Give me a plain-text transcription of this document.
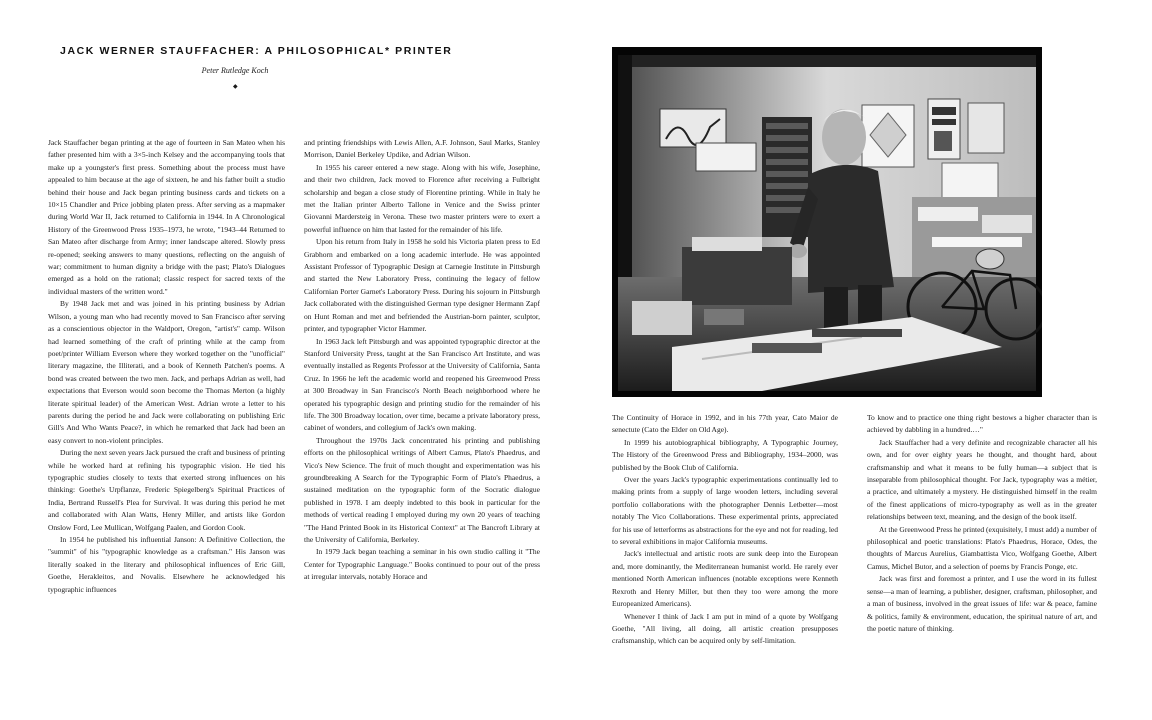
JACK WERNER STAUFFACHER: A PHILOSOPHICAL* PRINTER
Peter Rutledge Koch
◆

Jack Stauffacher began printing at the age of fourteen in San Mateo when his father presented him with a 3×5-inch Kelsey and the accompanying tools that make up a youngster's first press. Something about the process must have appealed to him because at the age of sixteen, he and his father built a studio behind their house and Jack began printing business cards and tickets on a 10×15 Chandler and Price jobbing platen press. After serving as a mapmaker during World War II, Jack returned to California in 1944. In A Chronological History of the Greenwood Press 1935–1973, he wrote, "1943–44 Returned to San Mateo after discharge from Army; inner landscape altered. Slowly press re-opened; seeking answers to many questions, reflecting on the anguish of war; commitment to human dignity a bridge with the past; Plato's Dialogues emerged as a hold on the rational; classic respect for sacred texts of the individual masters of the written word."

By 1948 Jack met and was joined in his printing business by Adrian Wilson, a young man who had recently moved to San Francisco after serving as a conscientious objector in the Waldport, Oregon, "artist's" camp. Wilson had learned something of the craft of printing while at the camp from poet/printer William Everson where they worked together on the "unofficial" literary magazine, the Illiterati, and a book of Kenneth Patchen's poems. A bond was created between the two men. Jack, and perhaps Adrian as well, had expectations that Everson would soon become the Thomas Merton (a highly literate spiritual leader) of the American West. Adrian wrote a letter to his parents during the period he and Jack were collaborating on publishing Eric Gill's And Who Wants Peace?, in which he remarked that Jack had been an easy convert to non-violent principles.

During the next seven years Jack pursued the craft and business of printing while he worked hard at refining his typographic vision. He tied his typographic studies closely to texts that exerted strong influences on his thinking: Goethe's Urpflanze, Frederic Spiegelberg's Spiritual Practices of India, Bertrand Russell's Plea for Survival. It was during this period he met and collaborated with Alan Watts, Henry Miller, and artists like Gordon Onslow Ford, Lee Mullican, Wolfgang Paalen, and Gordon Cook.

In 1954 he published his influential Janson: A Definitive Collection, the "summit" of his "typographic knowledge as a craftsman." His Janson was literally soaked in the literary and philosophical influences of Eric Gill, Goethe, Herakleitos, and Novalis. Elsewhere he acknowledged his typographic influences

and printing friendships with Lewis Allen, A.F. Johnson, Saul Marks, Stanley Morrison, Daniel Berkeley Updike, and Adrian Wilson.

In 1955 his career entered a new stage. Along with his wife, Josephine, and their two children, Jack moved to Florence after receiving a Fulbright scholarship and began a close study of Florentine printing. While in Italy he met the Italian printer Alberto Tallone in Venice and the Swiss printer Giovanni Mardersteig in Verona. These two master printers were to exert a powerful influence on him that lasted for the remainder of his life.

Upon his return from Italy in 1958 he sold his Victoria platen press to Ed Grabhorn and embarked on a long academic interlude. He was appointed Assistant Professor of Typographic Design at Carnegie Institute in Pittsburgh and started the New Laboratory Press, continuing the legacy of fellow Californian Porter Garnet's Laboratory Press. During his sojourn in Pittsburgh Jack collaborated with the distinguished German type designer Hermann Zapf on Hunt Roman and met and befriended the Austrian-born painter, sculptor, printer, and typographer Victor Hammer.

In 1963 Jack left Pittsburgh and was appointed typographic director at the Stanford University Press, taught at the San Francisco Art Institute, and was eventually installed as Regents Professor at the University of California, Santa Cruz. In 1966 he left the academic world and reopened his Greenwood Press at 300 Broadway in San Francisco's North Beach neighborhood where he operated his typographic design and printing studio for the remainder of his life. The 300 Broadway location, over time, became a private laboratory press, cabinet of wonders, and collegium of Jack's own making.

Throughout the 1970s Jack concentrated his printing and publishing efforts on the philosophical writings of Albert Camus, Plato's Phaedrus, and Vico's New Science. The fruit of much thought and experimentation was his groundbreaking A Search for the Typographic Form of Plato's Phaedrus, a sustained meditation on the typographic form of the Socratic dialogue published in 1978. I am deeply indebted to this book in particular for the methods of vertical reading I employed during my own 20 years of teaching "The Hand Printed Book in its Historical Context" at The Bancroft Library at the University of California, Berkeley.

In 1979 Jack began teaching a seminar in his own studio calling it "The Center for Typographic Language." Books continued to pour out of the press at irregular intervals, notably Horace and

The Continuity of Horace in 1992, and in his 77th year, Cato Maior de senectute (Cato the Elder on Old Age).

In 1999 his autobiographical bibliography, A Typographic Journey, The History of the Greenwood Press and Bibliography, 1934–2000, was published by the Book Club of California.

Over the years Jack's typographic experimentations continually led to making prints from a supply of large wooden letters, including several portfolio collaborations with the photographer Dennis Letbetter—most notably The Vico Collaborations. These experimental prints, appreciated for his use of letterforms as abstractions for the eye and not for reading, led to several exhibitions in major California museums.

Jack's intellectual and artistic roots are sunk deep into the European and, more dominantly, the Mediterranean humanist world. He rarely ever mentioned North American influences (notable exceptions were Kenneth Rexroth and Henry Miller, but then they too were among the more Europeanized Americans).

Whenever I think of Jack I am put in mind of a quote by Wolfgang Goethe, "All living, all doing, all artistic creation presupposes craftsmanship, which can be acquired only by self-limitation.

To know and to practice one thing right bestows a higher character than is achieved by dabbling in a hundred.…"

Jack Stauffacher had a very definite and recognizable character all his own, and for over eighty years he thought, and thought hard, about craftsmanship and what it means to be fully human—a subject that is inseparable from philosophical thought. For Jack, typography was a métier, a practice, and ultimately a mystery. He distinguished himself in the realm of the finest applications of micro-typography as well as in the greater relationships between text, meaning, and the design of the book itself.

At the Greenwood Press he printed (exquisitely, I must add) a number of philosophical and poetic translations: Plato's Phaedrus, Horace, Odes, the thoughts of Marcus Aurelius, Giambattista Vico, Wolfgang Goethe, Albert Camus, Michel Butor, and a selection of poems by Francis Ponge, etc.

Jack was first and foremost a printer, and I use the word in its fullest sense—a man of learning, a publisher, designer, craftsman, philosopher, and a man of business, involved in the great issues of life: war & peace, famine & politics, family & environment, education, the spiritual nature of art, and the poetic nature of thinking.
